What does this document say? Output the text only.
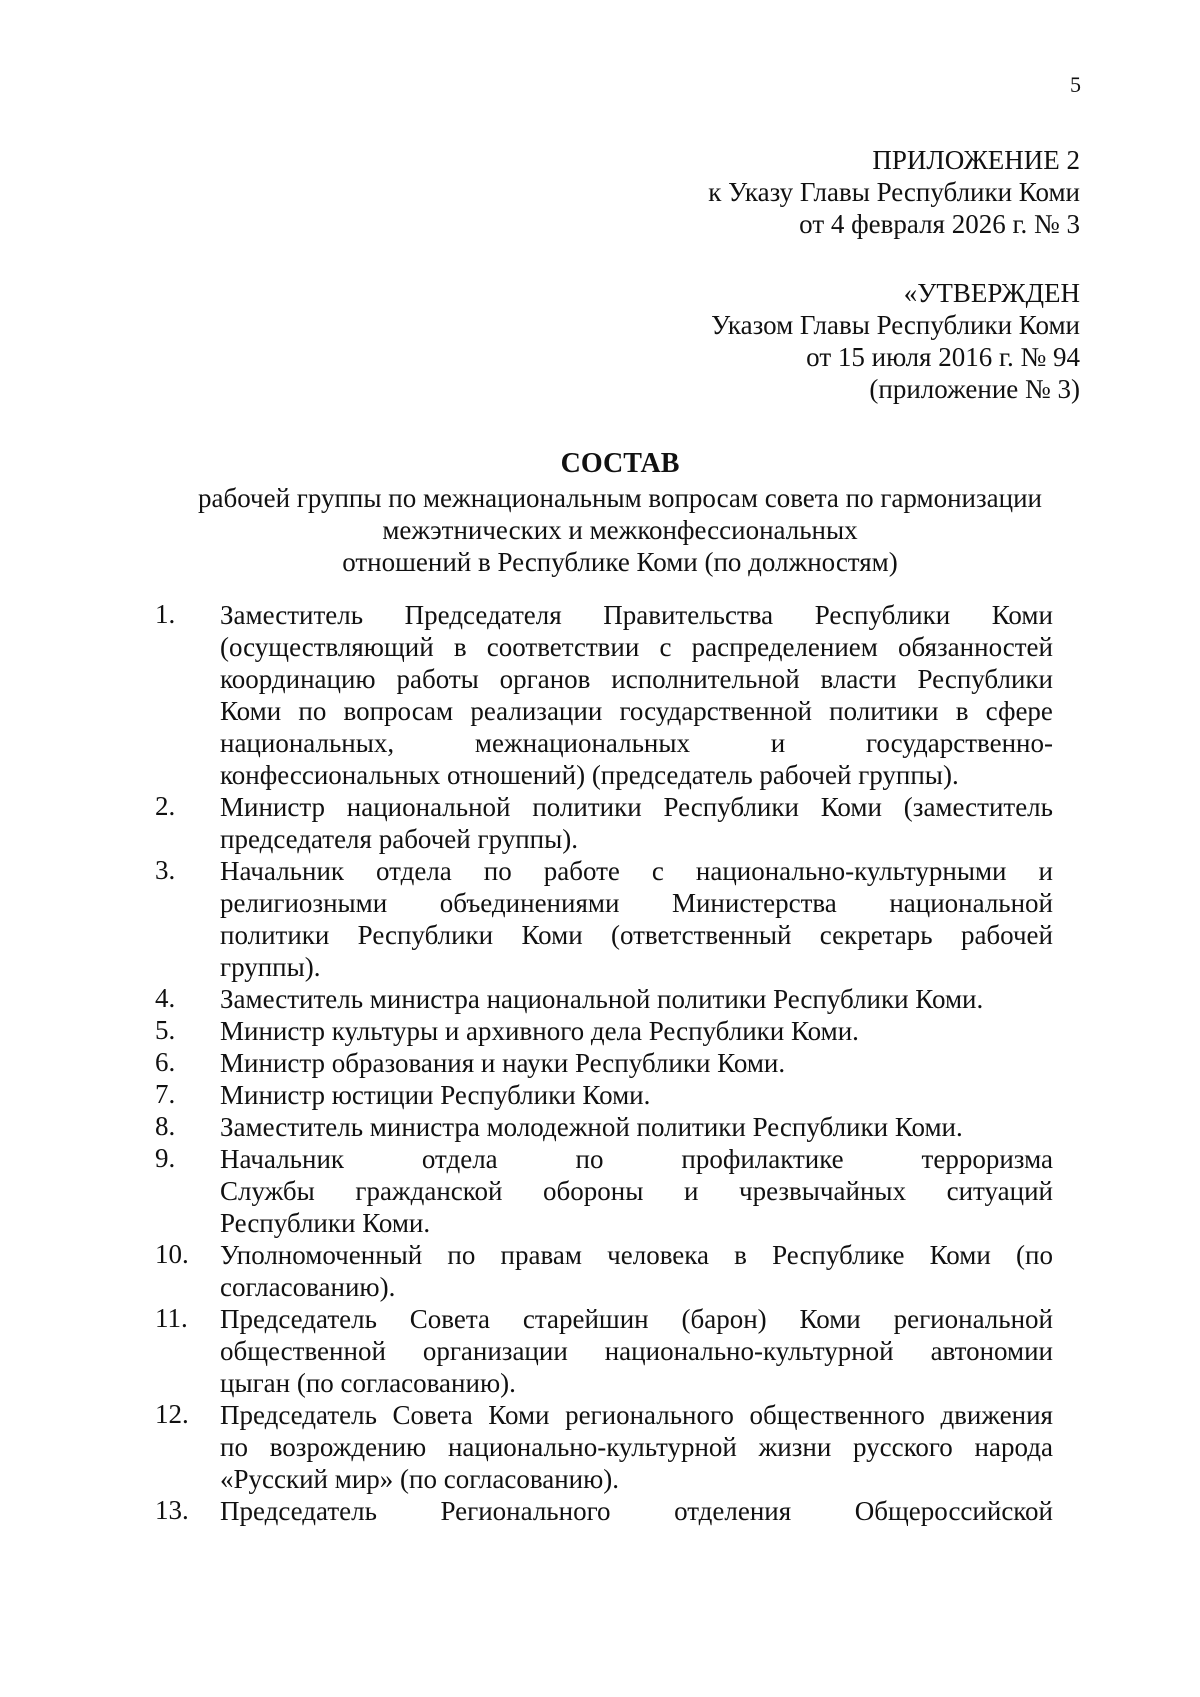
5
ПРИЛОЖЕНИЕ 2
к Указу Главы Республики Коми
от 4 февраля 2026 г. № 3
«УТВЕРЖДЕН
Указом Главы Республики Коми
от 15 июля 2016 г. № 94
(приложение № 3)
СОСТАВ
рабочей группы по межнациональным вопросам совета по гармонизации
межэтнических и межконфессиональных
отношений в Республике Коми (по должностям)
1.	Заместитель Председателя Правительства Республики Коми
(осуществляющий в соответствии с распределением обязанностей
координацию работы органов исполнительной власти Республики
Коми по вопросам реализации государственной политики в сфере
национальных,	межнациональных	и	государственно-
конфессиональных отношений) (председатель рабочей группы).
2.	Министр национальной политики Республики Коми (заместитель
председателя рабочей группы).
3.	Начальник отдела по работе с национально-культурными и
религиозными объединениями Министерства национальной
политики Республики Коми (ответственный секретарь рабочей
группы).
4.	Заместитель министра национальной политики Республики Коми.
5.	Министр культуры и архивного дела Республики Коми.
6.	Министр образования и науки Республики Коми.
7.	Министр юстиции Республики Коми.
8.	Заместитель министра молодежной политики Республики Коми.
9.	Начальник	отдела	по	профилактике	терроризма
Службы гражданской обороны и чрезвычайных ситуаций
Республики Коми.
10.	Уполномоченный по правам человека в Республике Коми (по
согласованию).
11.	Председатель Совета старейшин (барон) Коми региональной
общественной организации национально-культурной автономии
цыган (по согласованию).
12.	Председатель Совета Коми регионального общественного движения
по возрождению национально-культурной жизни русского народа
«Русский мир» (по согласованию).
13.	Председатель Регионального отделения Общероссийской
